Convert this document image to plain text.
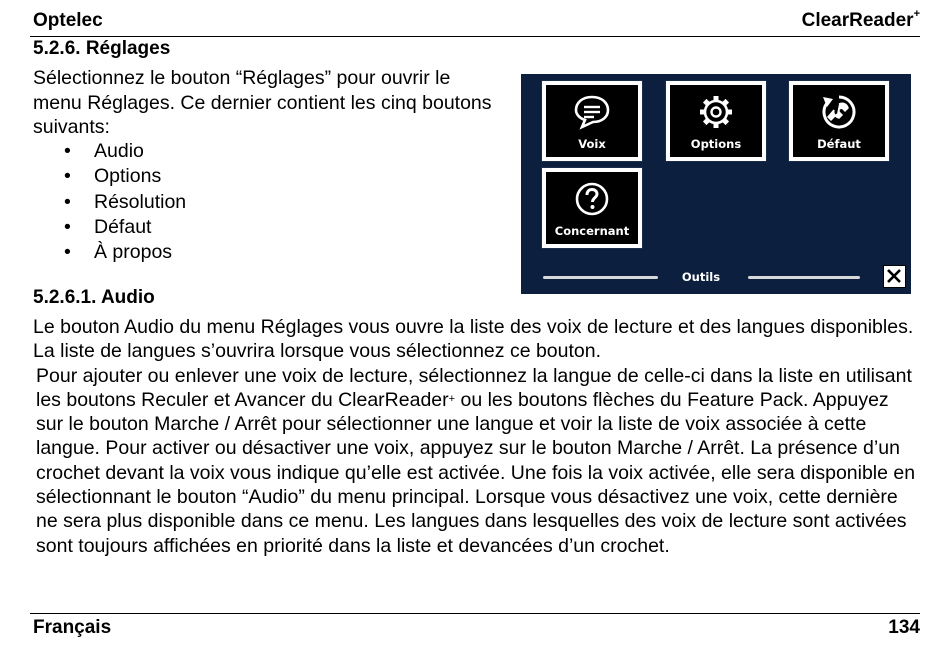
Optelec	ClearReader+
5.2.6. Réglages

Sélectionnez le bouton “Réglages” pour ouvrir le menu Réglages. Ce dernier contient les cinq boutons suivants:

• Audio
• Options
• Résolution
• Défaut
• À propos
Voix	Options	Défaut
Concernant
Outils
5.2.6.1. Audio

Le bouton Audio du menu Réglages vous ouvre la liste des voix de lecture et des langues disponibles. La liste de langues s’ouvrira lorsque vous sélectionnez ce bouton.

Pour ajouter ou enlever une voix de lecture, sélectionnez la langue de celle-ci dans la liste en utilisant les boutons Reculer et Avancer du ClearReader+ ou les boutons flèches du Feature Pack. Appuyez sur le bouton Marche / Arrêt pour sélectionner une langue et voir la liste de voix associée à cette langue. Pour activer ou désactiver une voix, appuyez sur le bouton Marche / Arrêt. La présence d’un crochet devant la voix vous indique qu’elle est activée. Une fois la voix activée, elle sera disponible en sélectionnant le bouton “Audio” du menu principal. Lorsque vous désactivez une voix, cette dernière ne sera plus disponible dans ce menu. Les langues dans lesquelles des voix de lecture sont activées sont toujours affichées en priorité dans la liste et devancées d’un crochet.

Français	134
